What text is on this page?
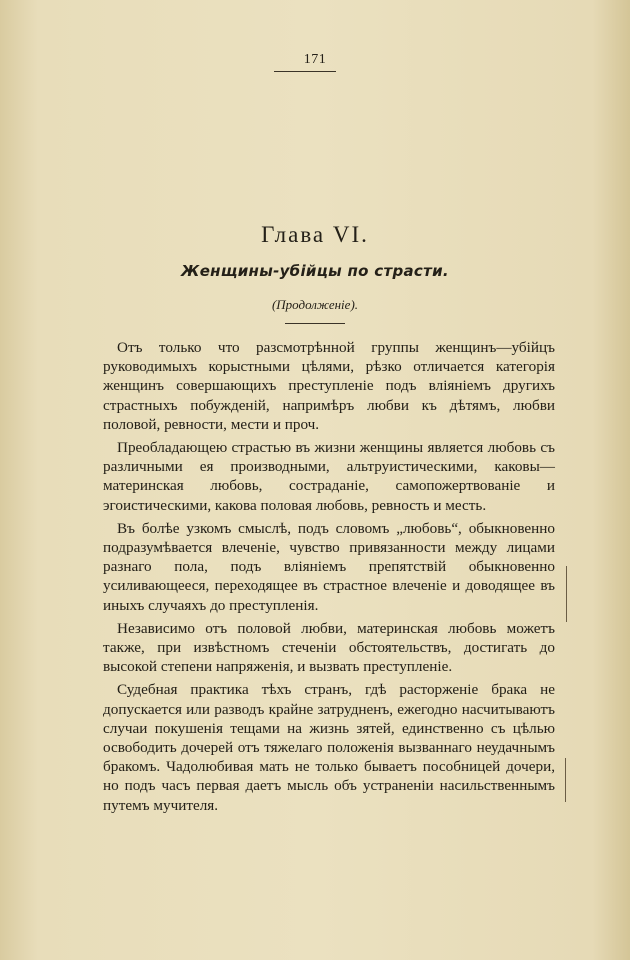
171
Глава VI.
Женщины-убійцы по страсти.
(Продолженіе).

Отъ только что разсмотрѣнной группы женщинъ—убійцъ руководимыхъ корыстными цѣлями, рѣзко отличается категорія женщинъ совершающихъ преступленіе подъ вліяніемъ другихъ страстныхъ побужденій, напримѣръ любви къ дѣтямъ, любви половой, ревности, мести и проч.

Преобладающею страстью въ жизни женщины является любовь съ различными ея производными, альтруистическими, каковы—материнская любовь, состраданіе, самопожертвованіе и эгоистическими, какова половая любовь, ревность и месть.

Въ болѣе узкомъ смыслѣ, подъ словомъ „любовь“, обыкновенно подразумѣвается влеченіе, чувство привязанности между лицами разнаго пола, подъ вліяніемъ препятствій обыкновенно усиливающееся, переходящее въ страстное влеченіе и доводящее въ иныхъ случаяхъ до преступленія.

Независимо отъ половой любви, материнская любовь можетъ также, при извѣстномъ стеченіи обстоятельствъ, достигать до высокой степени напряженія, и вызвать преступленіе.

Судебная практика тѣхъ странъ, гдѣ расторженіе брака не допускается или разводъ крайне затрудненъ, ежегодно насчитываютъ случаи покушенія тещами на жизнь зятей, единственно съ цѣлью освободить дочерей отъ тяжелаго положенія вызваннаго неудачнымъ бракомъ. Чадолюбивая мать не только бываетъ пособницей дочери, но подъ часъ первая даетъ мысль объ устраненіи насильственнымъ путемъ мучителя.
